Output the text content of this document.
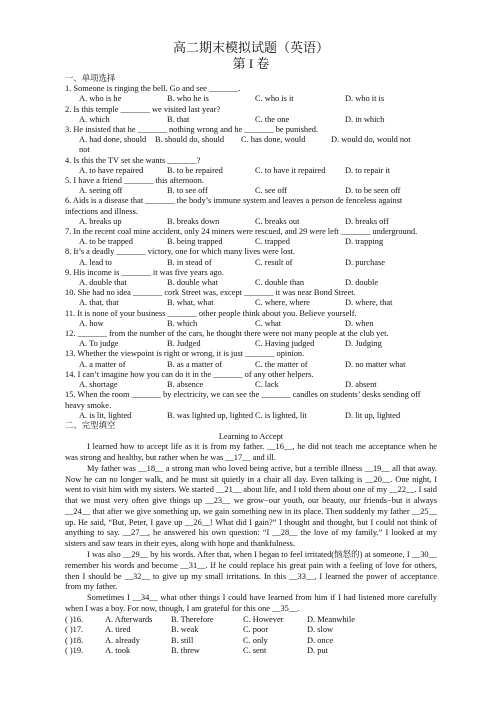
高二期末模拟试题（英语）
第 I 卷
一、单项选择
1. Someone is ringing the bell. Go and see _______.
A. who is he	B. who he is	C. who is it	D. who it is
2. Is this temple _______ we visited last year?
A. which	B. that	C. the one	D. in which
3. He insisted that he _______ nothing wrong and he _______ be punished.
A. had done, should not
B. should do, should	C. has done, would	D. would do, would not
4. Is this the TV set she wants _______?
A. to have repaired	B. to be repaired	C. to have it repaired	D. to repair it
5. I have a friend _______ this afternoon.
A. seeing off	B. to see off	C. see off	D. to be seen off
6. Aids is a disease that _______ the body’s immune system and leaves a person de fenceless against infections and illness.
A. breaks up	B. breaks down	C. breaks out	D. breaks off
7. In the recent coal mine accident, only 24 miners were rescued, and 29 were left _______ underground.
A. to be trapped	B. being trapped	C. trapped	D. trapping
8. It’s a deadly _______ victory, one for which many lives were lost.
A. lead to	B. in stead of	C. result of	D. purchase
9. His income is _______ it was five years ago.
A. double that	B. double what	C. double than	D. double
10. She had no idea _______ cork Street was, except _______ it was near Bond Street.
A. that, that	B. what, what	C. where, where	D. where, that
11. It is none of your business _______ other people think about you. Believe yourself.
A. how	B. which	C. what	D. when
12. _______ from the number of the cars, he thought there were not many people at the club yet.
A. To judge	B. Judged	C. Having judged	D. Judging
13. Whether the viewpoint is right or wrong, it is just _______ opinion.
A. a matter of	B. as a matter of	C. the matter of	D. no matter what
14. I can’t imagine how you can do it in the _______ of any other helpers.
A. shortage	B. absence	C. lack	D. absent
15. When the room _______ by electricity, we can see the _______ candles on students’ desks sending off heavy smoke.
A. is lit, lighted	B. was lighted up, lighted C. is lighted, lit	D. lit up, lighted
二、完型填空
Learning to Accept
I learned how to accept life as it is from my father. __16__, he did not teach me acceptance when he was strong and healthy, but rather when he was __17__ and ill.
My father was __18__ a strong man who loved being active, but a terrible illness __19__ all that away. Now he can no longer walk, and he must sit quietly in a chair all day. Even talking is __20__. One night, I went to visit him with my sisters. We started __21__ about life, and I told them about one of my __22__. I said that we must very often give things up __23__ we grow−our youth, our beauty, our friends−but it always __24__ that after we give something up, we gain something new in its place. Then suddenly my father __25__ up. He said, “But, Peter, I gave up __26__! What did I gain?” I thought and thought, but I could not think of anything to say. __27__, he answered his own question: “I __28__ the love of my family.” I looked at my sisters and saw tears in their eyes, along with hope and thankfulness.
I was also __29__ by his words. After that, when I began to feel irritated(恼怒的) at someone, I __30__ remember his words and become __31__. If he could replace his great pain with a feeling of love for others, then I should be __32__ to give up my small irritations. In this __33__, I learned the power of acceptance from my father.
Sometimes I __34__ what other things I could have learned from him if I had listened more carefully when I was a boy. For now, though, I am grateful for this one __35__.
( )16.	A. Afterwards	B. Therefore	C. However	D. Meanwhile
( )17.	A. tired	B. weak	C. poor	D. slow
( )18.	A. already	B. still	C. only	D. once
( )19.	A. took	B. threw	C. sent	D. put
